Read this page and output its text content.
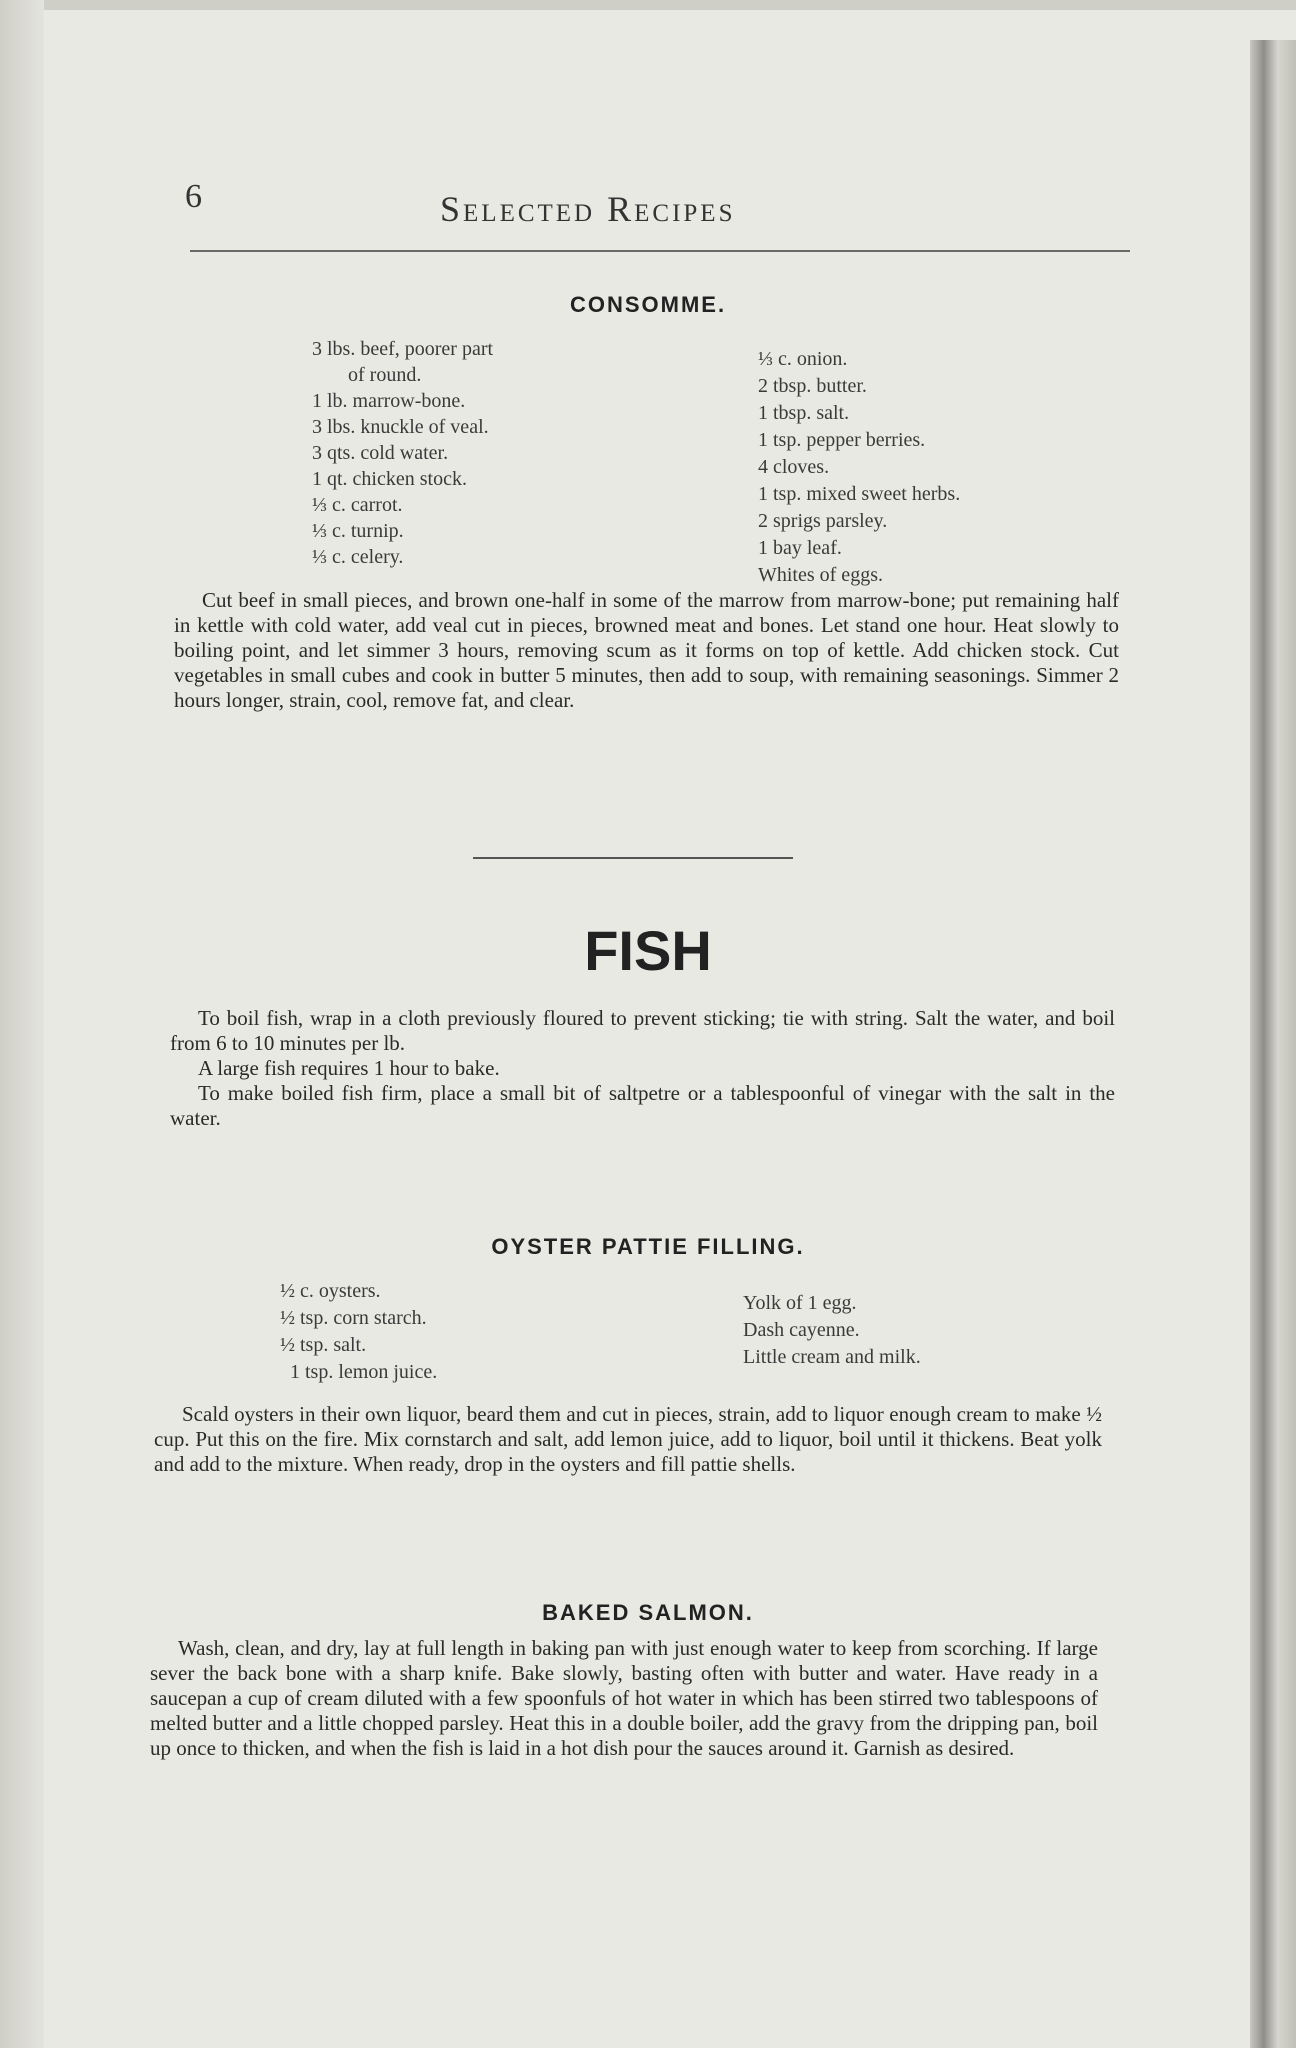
6	Selected Recipes
CONSOMME.
3 lbs. beef, poorer part
of round.
1 lb. marrow-bone.
3 lbs. knuckle of veal.
3 qts. cold water.
1 qt. chicken stock.
⅓ c. carrot.
⅓ c. turnip.
⅓ c. celery.
⅓ c. onion.
2 tbsp. butter.
1 tbsp. salt.
1 tsp. pepper berries.
4 cloves.
1 tsp. mixed sweet herbs.
2 sprigs parsley.
1 bay leaf.
Whites of eggs.

Cut beef in small pieces, and brown one-half in some of the marrow from marrow-bone; put remaining half in kettle with cold water, add veal cut in pieces, browned meat and bones. Let stand one hour. Heat slowly to boiling point, and let simmer 3 hours, removing scum as it forms on top of kettle. Add chicken stock. Cut vegetables in small cubes and cook in butter 5 minutes, then add to soup, with remaining seasonings. Simmer 2 hours longer, strain, cool, remove fat, and clear.

FISH

To boil fish, wrap in a cloth previously floured to prevent sticking; tie with string. Salt the water, and boil from 6 to 10 minutes per lb.

A large fish requires 1 hour to bake.

To make boiled fish firm, place a small bit of saltpetre or a tablespoonful of vinegar with the salt in the water.

OYSTER PATTIE FILLING.
½ c. oysters.
½ tsp. corn starch.
½ tsp. salt.
1 tsp. lemon juice.
Yolk of 1 egg.
Dash cayenne.
Little cream and milk.

Scald oysters in their own liquor, beard them and cut in pieces, strain, add to liquor enough cream to make ½ cup. Put this on the fire. Mix cornstarch and salt, add lemon juice, add to liquor, boil until it thickens. Beat yolk and add to the mixture. When ready, drop in the oysters and fill pattie shells.

BAKED SALMON.

Wash, clean, and dry, lay at full length in baking pan with just enough water to keep from scorching. If large sever the back bone with a sharp knife. Bake slowly, basting often with butter and water. Have ready in a saucepan a cup of cream diluted with a few spoonfuls of hot water in which has been stirred two tablespoons of melted butter and a little chopped parsley. Heat this in a double boiler, add the gravy from the dripping pan, boil up once to thicken, and when the fish is laid in a hot dish pour the sauces around it. Garnish as desired.
